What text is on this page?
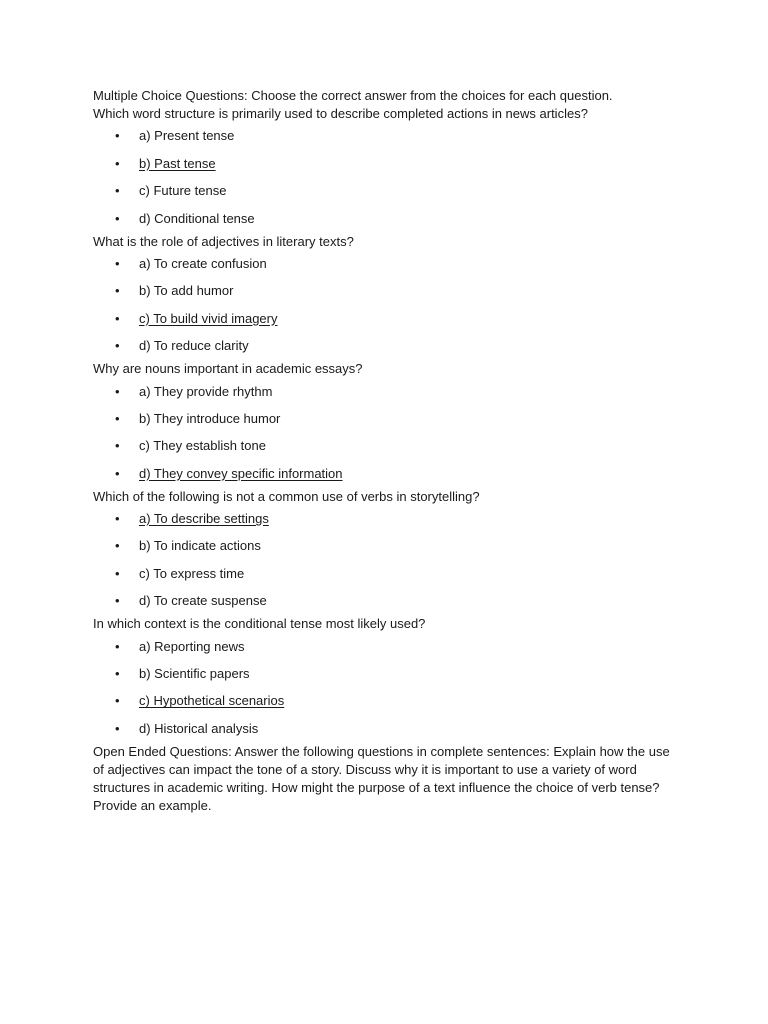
Multiple Choice Questions: Choose the correct answer from the choices for each question.

Which word structure is primarily used to describe completed actions in news articles?

• a) Present tense
• b) Past tense
• c) Future tense
• d) Conditional tense

What is the role of adjectives in literary texts?

• a) To create confusion
• b) To add humor
• c) To build vivid imagery
• d) To reduce clarity

Why are nouns important in academic essays?

• a) They provide rhythm
• b) They introduce humor
• c) They establish tone
• d) They convey specific information

Which of the following is not a common use of verbs in storytelling?

• a) To describe settings
• b) To indicate actions
• c) To express time
• d) To create suspense

In which context is the conditional tense most likely used?

• a) Reporting news
• b) Scientific papers
• c) Hypothetical scenarios
• d) Historical analysis

Open Ended Questions: Answer the following questions in complete sentences: Explain how the use of adjectives can impact the tone of a story. Discuss why it is important to use a variety of word structures in academic writing. How might the purpose of a text influence the choice of verb tense? Provide an example.
